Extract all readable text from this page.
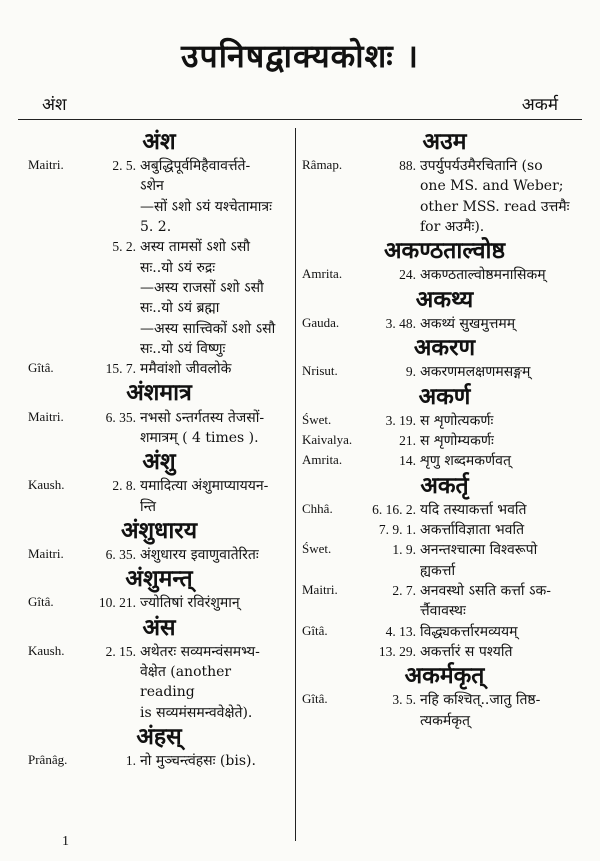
उपनिषद्वाक्यकोशः ।
अंश	अकर्म
अंश
Maitri.	2. 5. अबुद्धिपूर्वमिहैवावर्त्तते-
ऽशेन
—सों ऽशो ऽयं यश्चेतामात्रः
5. 2.
5. 2. अस्य तामसों ऽशो ऽसौ
सः..यो ऽयं रुद्रः
—अस्य राजसों ऽशो ऽसौ
सः..यो ऽयं ब्रह्मा
—अस्य सात्त्विकों ऽशो ऽसौ
सः..यो ऽयं विष्णुः
Gîtâ.	15. 7. ममैवांशो जीवलोके
अंशमात्र
Maitri.	6. 35. नभसो ऽन्तर्गतस्य तेजसों-
शमात्रम् ( 4 times ).
अंशु
Kaush.	2. 8. यमादित्या अंशुमाप्याययन-
न्ति
अंशुधारय
Maitri.	6. 35. अंशुधारय इवाणुवातेरितः
अंशुमन्त्
Gîtâ.	10. 21. ज्योतिषां रविरंशुमान्
अंस
Kaush.	2. 15. अथेतरः सव्यमन्वंसमभ्य-
वेक्षेत (another reading
is सव्यमंसमन्ववेक्षेते).
अंहस्
Prânâg.	1. नो मुञ्चन्त्वंहसः (bis).
अउम
Râmap.	88. उपर्युपर्यउमैरचितानि (so
one MS. and Weber;
other MSS. read उत्तमैः
for अउमैः).
अकण्ठताल्वोष्ठ
Amrita.	24. अकण्ठताल्वोष्ठमनासिकम्
अकथ्य
Gauda.	3. 48. अकथ्यं सुखमुत्तमम्
अकरण
Nrisut.	9. अकरणमलक्षणमसङ्गम्
अकर्ण
Śwet.	3. 19. स शृणोत्यकर्णः
Kaivalya.	21. स शृणोम्यकर्णः
Amrita.	14. शृणु शब्दमकर्णवत्
अकर्तृ
Chhâ.	6. 16. 2. यदि तस्याकर्त्ता भवति
7. 9. 1. अकर्त्ताविज्ञाता भवति
Śwet.	1. 9. अनन्तश्चात्मा विश्वरूपो
ह्यकर्त्ता
Maitri.	2. 7. अनवस्थो ऽसति कर्त्ता ऽक-
र्त्तैवावस्थः
Gîtâ.	4. 13. विद्ध्यकर्त्तारमव्ययम्
13. 29. अकर्त्तारं स पश्यति
अकर्मकृत्
Gîtâ.	3. 5. नहि कश्चित्..जातु तिष्ठ-
त्यकर्मकृत्
1
